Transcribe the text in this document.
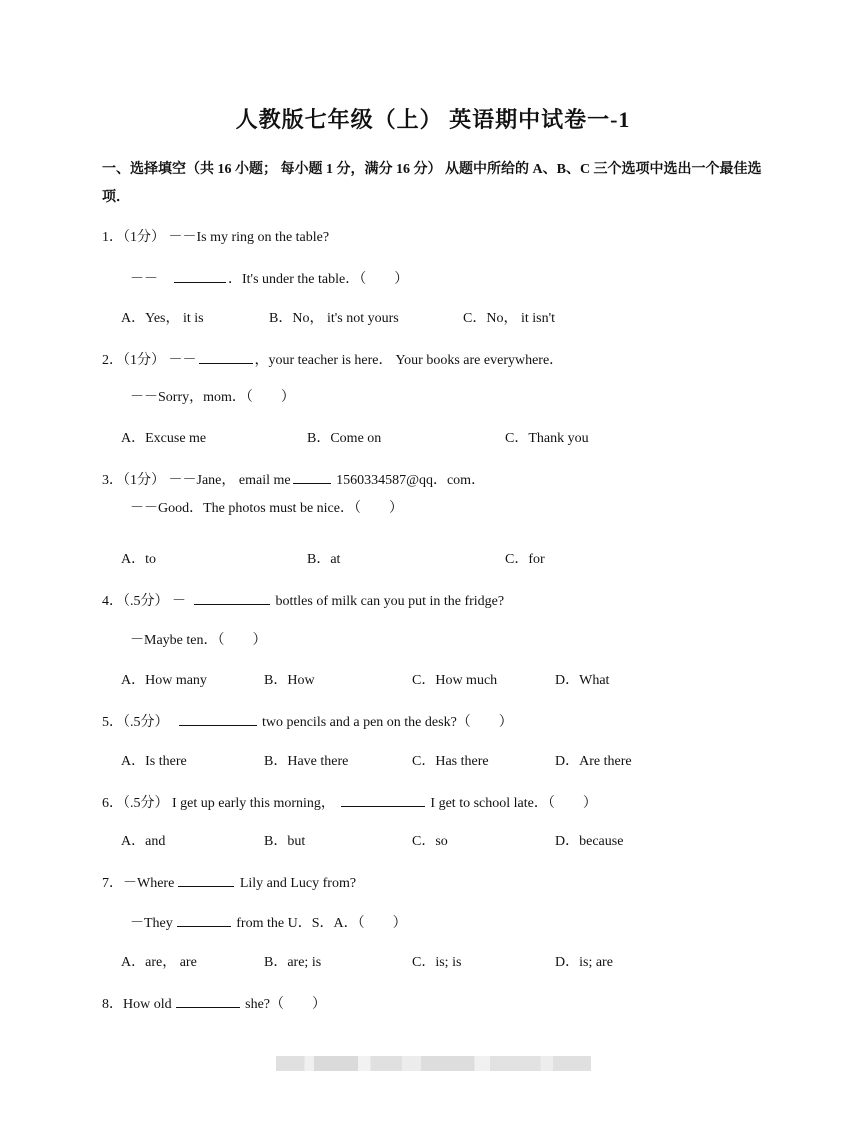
人教版七年级（上） 英语期中试卷一-1
一、选择填空（共 16 小题； 每小题 1 分，满分 16 分） 从题中所给的 A、B、C 三个选项中选出一个最佳选项．
1．（1分） －－Is my ring on the table?
－－	．It's under the table．（　　）
A．Yes， it is	B．No， it's not yours	C．No， it isn't
2．（1分） －－	，your teacher is here． Your books are everywhere．
－－Sorry，mom．（　　）
A．Excuse me	B．Come on	C．Thank you
3．（1分） －－Jane， email me	1560334587@qq．com．
－－Good．The photos must be nice．（　　）
A．to	B．at	C．for
4．（.5分） －	bottles of milk can you put in the fridge?
－Maybe ten．（　　）
A．How many	B．How	C．How much	D．What
5．（.5分）	two pencils and a pen on the desk?（　　）
A．Is there	B．Have there	C．Has there	D．Are there
6．（.5分） I get up early this morning，	I get to school late．（　　）
A．and	B．but	C．so	D．because
7．－Where	Lily and Lucy from?
－They	from the U．S．A．（　　）
A．are， are	B．are; is	C．is; is	D．is; are
8．How old	she?（　　）
